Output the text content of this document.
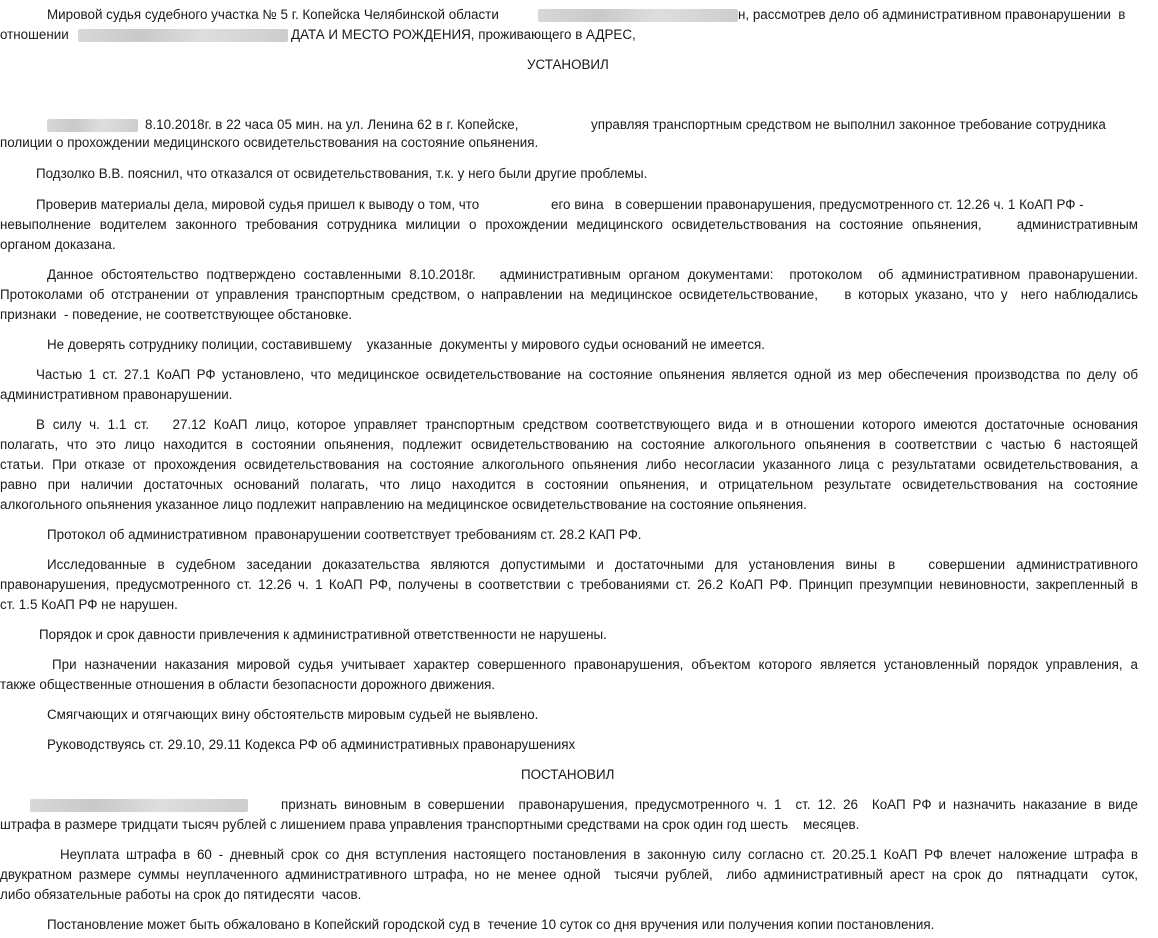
Мировой судья судебного участка № 5 г. Копейска Челябинской области	н, рассмотрев дело об административном правонарушении  в
отношении	ДАТА И МЕСТО РОЖДЕНИЯ, проживающего в АДРЕС,
УСТАНОВИЛ
8.10.2018г. в 22 часа 05 мин. на ул. Ленина 62 в г. Копейске,	управляя транспортным средством не выполнил законное требование сотрудника
полиции о прохождении медицинского освидетельствования на состояние опьянения.
Подзолко В.В. пояснил, что отказался от освидетельствования, т.к. у него были другие проблемы.
Проверив материалы дела, мировой судья пришел к выводу о том, что	его вина   в совершении правонарушения, предусмотренного ст. 12.26 ч. 1 КоАП РФ -
невыполнение водителем законного требования сотрудника милиции о прохождении медицинского освидетельствования на состояние опьянения,    административным
органом доказана.
Данное обстоятельство подтверждено составленными 8.10.2018г.   административным органом документами:  протоколом  об административном правонарушении.
Протоколами об отстранении от управления транспортным средством, о направлении на медицинское освидетельствование,    в которых указано, что у  него наблюдались
признаки  - поведение, не соответствующее обстановке.
Не доверять сотруднику полиции, составившему    указанные  документы у мирового судьи оснований не имеется.
Частью 1 ст. 27.1 КоАП РФ установлено, что медицинское освидетельствование на состояние опьянения является одной из мер обеспечения производства по делу об
административном правонарушении.
В силу ч. 1.1 ст.   27.12 КоАП лицо, которое управляет транспортным средством соответствующего вида и в отношении которого имеются достаточные основания
полагать, что это лицо находится в состоянии опьянения, подлежит освидетельствованию на состояние алкогольного опьянения в соответствии с частью 6 настоящей
статьи. При отказе от прохождения освидетельствования на состояние алкогольного опьянения либо несогласии указанного лица с результатами освидетельствования, а
равно при наличии достаточных оснований полагать, что лицо находится в состоянии опьянения, и отрицательном результате освидетельствования на состояние
алкогольного опьянения указанное лицо подлежит направлению на медицинское освидетельствование на состояние опьянения.
Протокол об административном  правонарушении соответствует требованиям ст. 28.2 КАП РФ.
Исследованные в судебном заседании доказательства являются допустимыми и достаточными для установления вины в   совершении административного
правонарушения, предусмотренного ст. 12.26 ч. 1 КоАП РФ, получены в соответствии с требованиями ст. 26.2 КоАП РФ. Принцип презумпции невиновности, закрепленный в
ст. 1.5 КоАП РФ не нарушен.
Порядок и срок давности привлечения к административной ответственности не нарушены.
При назначении наказания мировой судья учитывает характер совершенного правонарушения, объектом которого является установленный порядок управления, а
также общественные отношения в области безопасности дорожного движения.
Смягчающих и отягчающих вину обстоятельств мировым судьей не выявлено.
Руководствуясь ст. 29.10, 29.11 Кодекса РФ об административных правонарушениях
ПОСТАНОВИЛ
признать виновным в совершении  правонарушения, предусмотренного ч. 1  ст. 12. 26  КоАП РФ и назначить наказание в виде
штрафа в размере тридцати тысяч рублей с лишением права управления транспортными средствами на срок один год шесть    месяцев.
Неуплата штрафа в 60 - дневный срок со дня вступления настоящего постановления в законную силу согласно ст. 20.25.1 КоАП РФ влечет наложение штрафа в
двукратном размере суммы неуплаченного административного штрафа, но не менее одной  тысячи рублей,  либо административный арест на срок до  пятнадцати  суток,
либо обязательные работы на срок до пятидесяти  часов.
Постановление может быть обжаловано в Копейский городской суд в  течение 10 суток со дня вручения или получения копии постановления.
